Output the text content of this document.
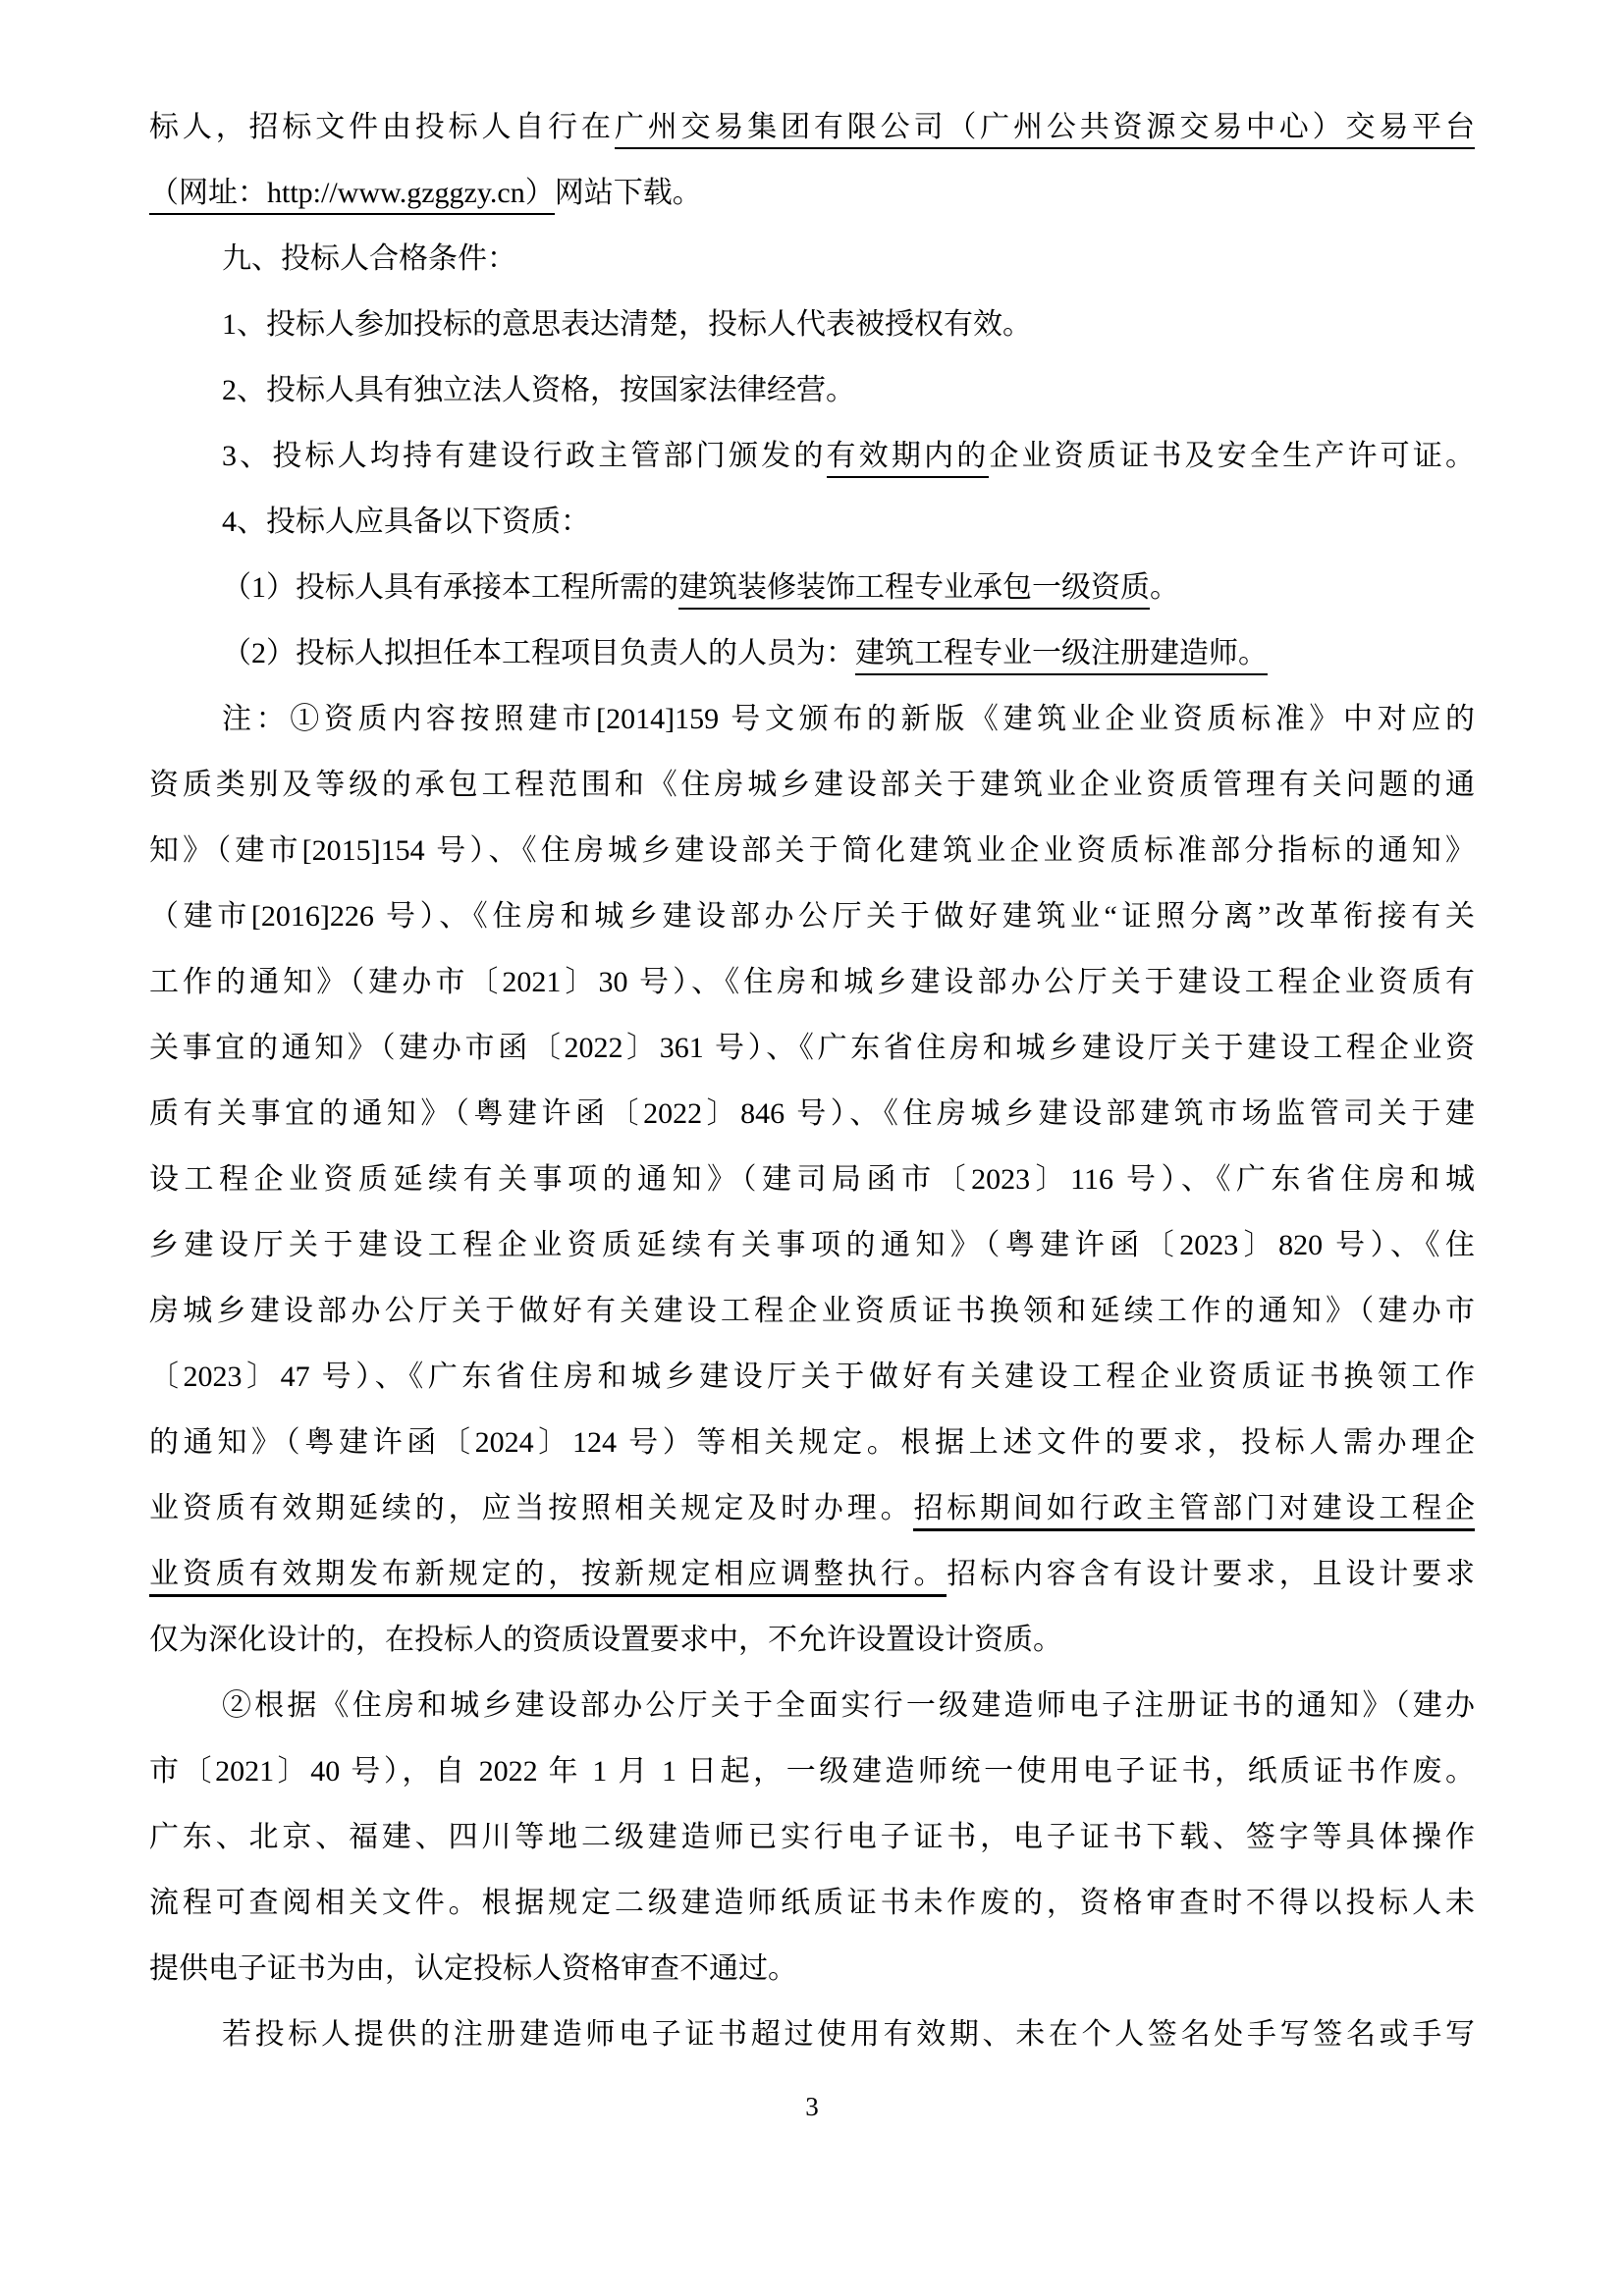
标人，招标文件由投标人自行在广州交易集团有限公司（广州公共资源交易中心）交易平台
（网址：http://www.gzggzy.cn）网站下载。
九、投标人合格条件：
1、投标人参加投标的意思表达清楚，投标人代表被授权有效。
2、投标人具有独立法人资格，按国家法律经营。
3、投标人均持有建设行政主管部门颁发的有效期内的企业资质证书及安全生产许可证。
4、投标人应具备以下资质：
（1）投标人具有承接本工程所需的建筑装修装饰工程专业承包一级资质。
（2）投标人拟担任本工程项目负责人的人员为：建筑工程专业一级注册建造师。
注：①资质内容按照建市[2014]159 号文颁布的新版《建筑业企业资质标准》中对应的
资质类别及等级的承包工程范围和《住房城乡建设部关于建筑业企业资质管理有关问题的通
知》（建市[2015]154 号）、《住房城乡建设部关于简化建筑业企业资质标准部分指标的通知》
（建市[2016]226 号）、《住房和城乡建设部办公厅关于做好建筑业“证照分离”改革衔接有关
工作的通知》（建办市〔2021〕30 号）、《住房和城乡建设部办公厅关于建设工程企业资质有
关事宜的通知》（建办市函〔2022〕361 号）、《广东省住房和城乡建设厅关于建设工程企业资
质有关事宜的通知》（粤建许函〔2022〕846 号）、《住房城乡建设部建筑市场监管司关于建
设工程企业资质延续有关事项的通知》（建司局函市〔2023〕116 号）、《广东省住房和城
乡建设厅关于建设工程企业资质延续有关事项的通知》（粤建许函〔2023〕820 号）、《住
房城乡建设部办公厅关于做好有关建设工程企业资质证书换领和延续工作的通知》（建办市
〔2023〕47 号）、《广东省住房和城乡建设厅关于做好有关建设工程企业资质证书换领工作
的通知》（粤建许函〔2024〕124 号）等相关规定。根据上述文件的要求，投标人需办理企
业资质有效期延续的，应当按照相关规定及时办理。招标期间如行政主管部门对建设工程企
业资质有效期发布新规定的，按新规定相应调整执行。招标内容含有设计要求，且设计要求
仅为深化设计的，在投标人的资质设置要求中，不允许设置设计资质。
②根据《住房和城乡建设部办公厅关于全面实行一级建造师电子注册证书的通知》（建办
市〔2021〕40 号），自 2022 年 1 月 1 日起，一级建造师统一使用电子证书，纸质证书作废。
广东、北京、福建、四川等地二级建造师已实行电子证书，电子证书下载、签字等具体操作
流程可查阅相关文件。根据规定二级建造师纸质证书未作废的，资格审查时不得以投标人未
提供电子证书为由，认定投标人资格审查不通过。
若投标人提供的注册建造师电子证书超过使用有效期、未在个人签名处手写签名或手写
3
